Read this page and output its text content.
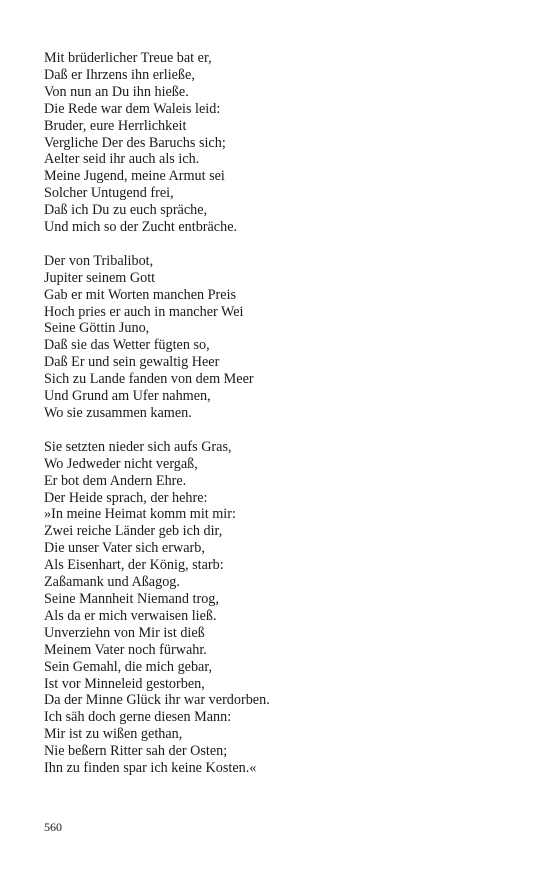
Mit brüderlicher Treue bat er,
Daß er Ihrzens ihn erließe,
Von nun an Du ihn hieße.
Die Rede war dem Waleis leid:
Bruder, eure Herrlichkeit
Vergliche Der des Baruchs sich;
Aelter seid ihr auch als ich.
Meine Jugend, meine Armut sei
Solcher Untugend frei,
Daß ich Du zu euch spräche,
Und mich so der Zucht entbräche.
Der von Tribalibot,
Jupiter seinem Gott
Gab er mit Worten manchen Preis
Hoch pries er auch in mancher Wei
Seine Göttin Juno,
Daß sie das Wetter fügten so,
Daß Er und sein gewaltig Heer
Sich zu Lande fanden von dem Meer
Und Grund am Ufer nahmen,
Wo sie zusammen kamen.
Sie setzten nieder sich aufs Gras,
Wo Jedweder nicht vergaß,
Er bot dem Andern Ehre.
Der Heide sprach, der hehre:
»In meine Heimat komm mit mir:
Zwei reiche Länder geb ich dir,
Die unser Vater sich erwarb,
Als Eisenhart, der König, starb:
Zaßamank und Aßagog.
Seine Mannheit Niemand trog,
Als da er mich verwaisen ließ.
Unverziehn von Mir ist dieß
Meinem Vater noch fürwahr.
Sein Gemahl, die mich gebar,
Ist vor Minneleid gestorben,
Da der Minne Glück ihr war verdorben.
Ich säh doch gerne diesen Mann:
Mir ist zu wißen gethan,
Nie beßern Ritter sah der Osten;
Ihn zu finden spar ich keine Kosten.«
560
